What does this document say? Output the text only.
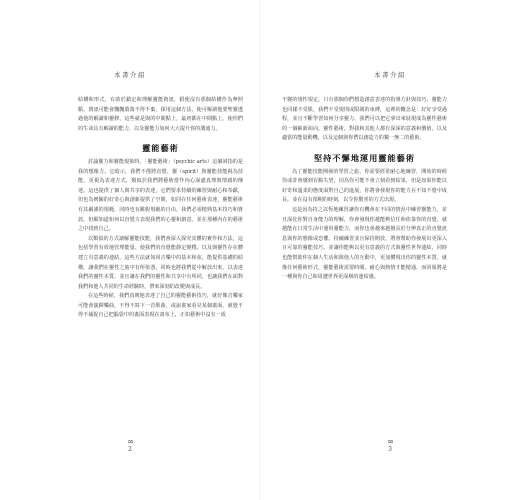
本書介紹

結構和形式，有助於鎖定和理解靈能資訊，假使沒有那個結構作為參照點，資訊可能會飄飄蕩蕩不得不棄，探用這個方法，使可解讀他要聖靈透過他的解讀和靈修，這些就是與的中間點上，最初都在中間點上，使你們的生命具有解讀的能力，以及靈能力如何大大提升你的溝通力。

靈能藝術

討論靈力和靈能現象時，「靈能藝術」（psychic arts）這個詞指的是我的想像力、它暗示，我們不僅將直覺、靈（spirit）與靈能技能視為技能，更視為表達方式，類似於我們將藝術當作內心深處真理與情感的傳達。這也提供了個人與共享的表達，它們要求持續的練習與耐心和奉獻，但也為實驗的好奇心與創新提供了空間，如同在任何藝術表達，靈能藝術有其嚴謹的規範，同時也有跳脫規範的自由，我們必須精熟基本技巧和資訊，但願知道如何以直覺力表現我們的心靈和創意。並在那種內在的藝術之中找到自己。

以類似的方式讀解靈能技能，我們會深入探究其體的實作和方法，這包括學習有效地管理能量、使我們的直覺能靜定變穩，以及與靈性存在體建立有意義的連結。這些方法就如同音樂中的基本和弦，能提供基礎的結構，讓我們在靈性之旅中有所依憑，同時也將我們從中解放出來，以表達我們的靈性本質，並且讓在我們的靈性和共享中有所同，也讓我們在面對我們和他人共同的生命經驗時，帶來深刻的改變與成長。

在這些時候，我們真實地表達了自己的靈能藝術技巧，就好像音樂家可能會演繹樂曲，不得不寫下一首歌曲，或說畫家看見某個畫面，就覺不得不捕捉自己把腦袋中的畫面表現在畫布上，正如藝術中沒有一成

∞
2
本書介紹

不變的規性規定，只有那個你們想造創意表達的指導方針與技巧，靈能力也同樣不受限，我們不受規則或限制的束縛，這裡的概念是：好好享受過程，並且不斷學習如何分享靈力。我們可以把它拿出來展現成為靈性藝術的一個嶄新面向，靈性藝術，對我和其他人都有深深的意義和價值，以及適當的能量動機，以及這個與你們以創造力的獨一無二的藝術。

堅持不懈地運用靈能藝術

為了靈能技能開發的學習之旅，你需要經常耐心地練習，開始的時候你或許會感到有點失望，因為你可能不會立刻看到結果，但是如果你能以好奇和溫柔的態度面對自己的進展，你將會發現你的能力在不知不覺中成長，並在沒有預期的時刻，以令你驚喜的方式出現。

這是因為持之以恆地練習讓你有機會在不同的情況中練習靈能力，並且深化你對自身能力的理解，你會發現你越能夠信任和依靠你的直覺，就越能在日常生活中運用靈能力，而你也會越來越擅長於分辨真正的直覺訊息與你的想像或恐懼。持續練習並且保持開放，將會幫助你發展出更深入且可靠的靈能技巧，並讓你能夠以更有意義的方式與靈性世界連結，同時也能幫助你在個人生活和與他人的互動中，更加體現出你的靈性本質。就像任何藝術形式，靈能藝術需要時間、耐心與熱情才能精通，而回報將是一種與你自己和周遭世界更深層的連結感。

∞
3
